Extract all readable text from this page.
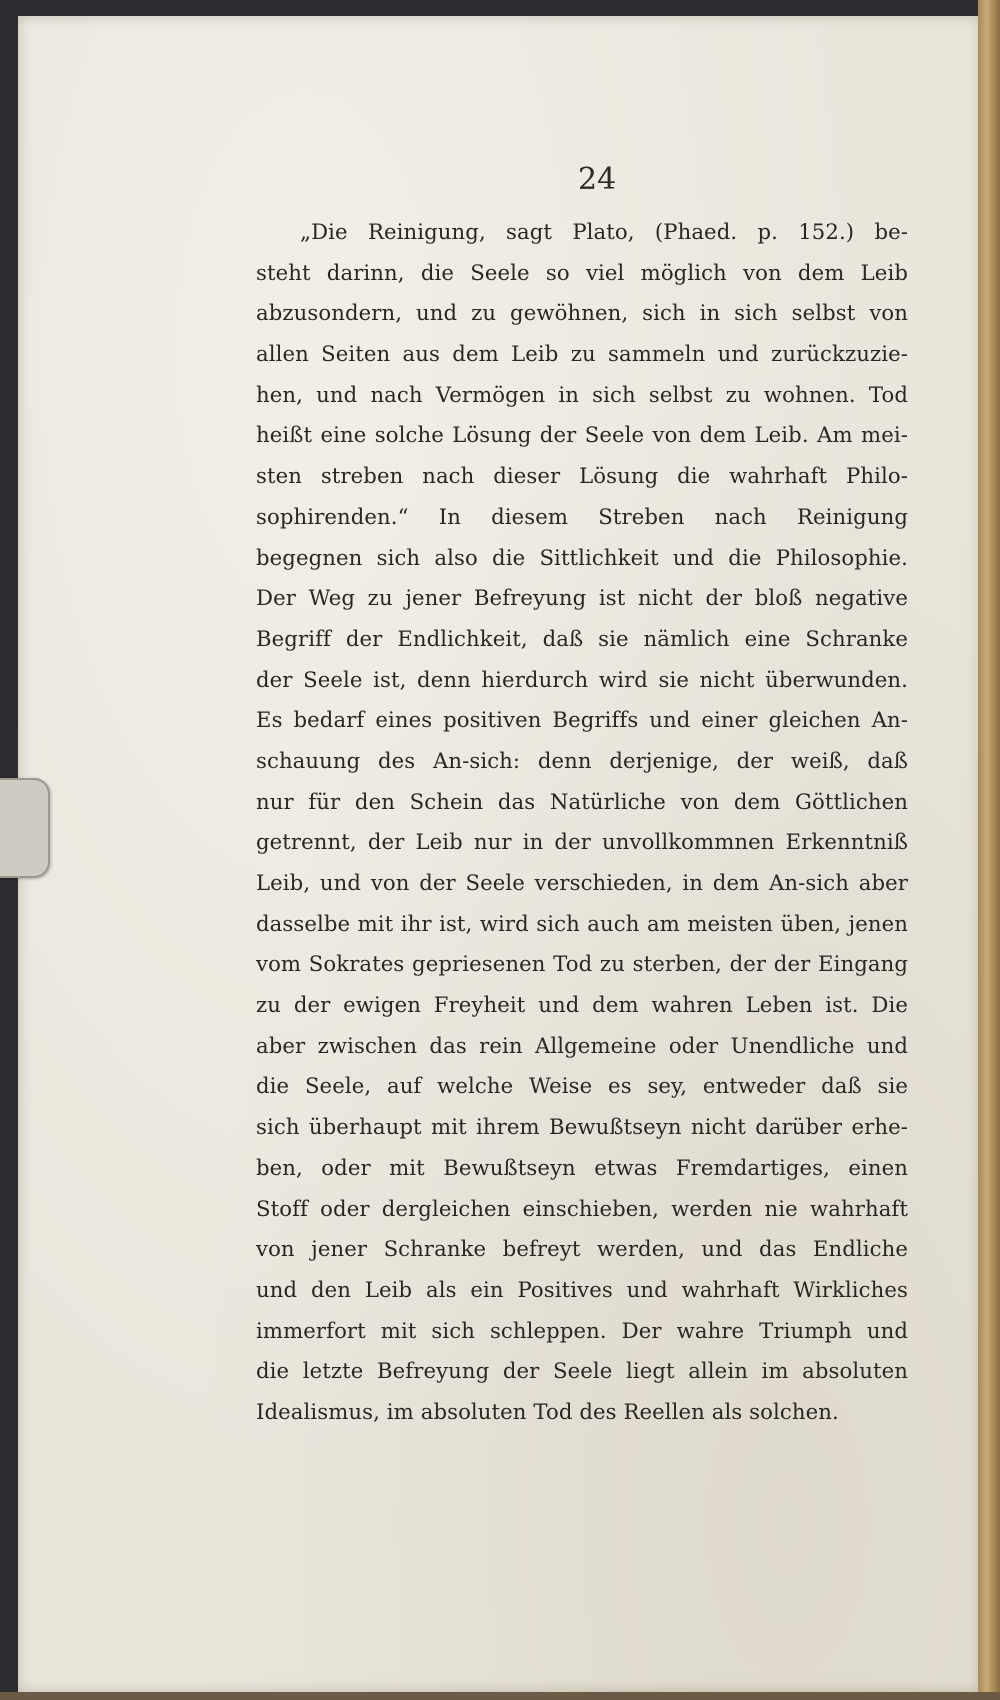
24
„Die Reinigung, sagt Plato, (Phaed. p. 152.) be-
steht darinn, die Seele so viel möglich von dem Leib
abzusondern, und zu gewöhnen, sich in sich selbst von
allen Seiten aus dem Leib zu sammeln und zurückzuzie-
hen, und nach Vermögen in sich selbst zu wohnen. Tod
heißt eine solche Lösung der Seele von dem Leib. Am mei-
sten streben nach dieser Lösung die wahrhaft Philo-
sophirenden.“ In diesem Streben nach Reinigung
begegnen sich also die Sittlichkeit und die Philosophie.
Der Weg zu jener Befreyung ist nicht der bloß negative
Begriff der Endlichkeit, daß sie nämlich eine Schranke
der Seele ist, denn hierdurch wird sie nicht überwunden.
Es bedarf eines positiven Begriffs und einer gleichen An-
schauung des An-sich: denn derjenige, der weiß, daß
nur für den Schein das Natürliche von dem Göttlichen
getrennt, der Leib nur in der unvollkommnen Erkenntniß
Leib, und von der Seele verschieden, in dem An-sich aber
dasselbe mit ihr ist, wird sich auch am meisten üben, jenen
vom Sokrates gepriesenen Tod zu sterben, der der Eingang
zu der ewigen Freyheit und dem wahren Leben ist. Die
aber zwischen das rein Allgemeine oder Unendliche und
die Seele, auf welche Weise es sey, entweder daß sie
sich überhaupt mit ihrem Bewußtseyn nicht darüber erhe-
ben, oder mit Bewußtseyn etwas Fremdartiges, einen
Stoff oder dergleichen einschieben, werden nie wahrhaft
von jener Schranke befreyt werden, und das Endliche
und den Leib als ein Positives und wahrhaft Wirkliches
immerfort mit sich schleppen. Der wahre Triumph und
die letzte Befreyung der Seele liegt allein im absoluten
Idealismus, im absoluten Tod des Reellen als solchen.
